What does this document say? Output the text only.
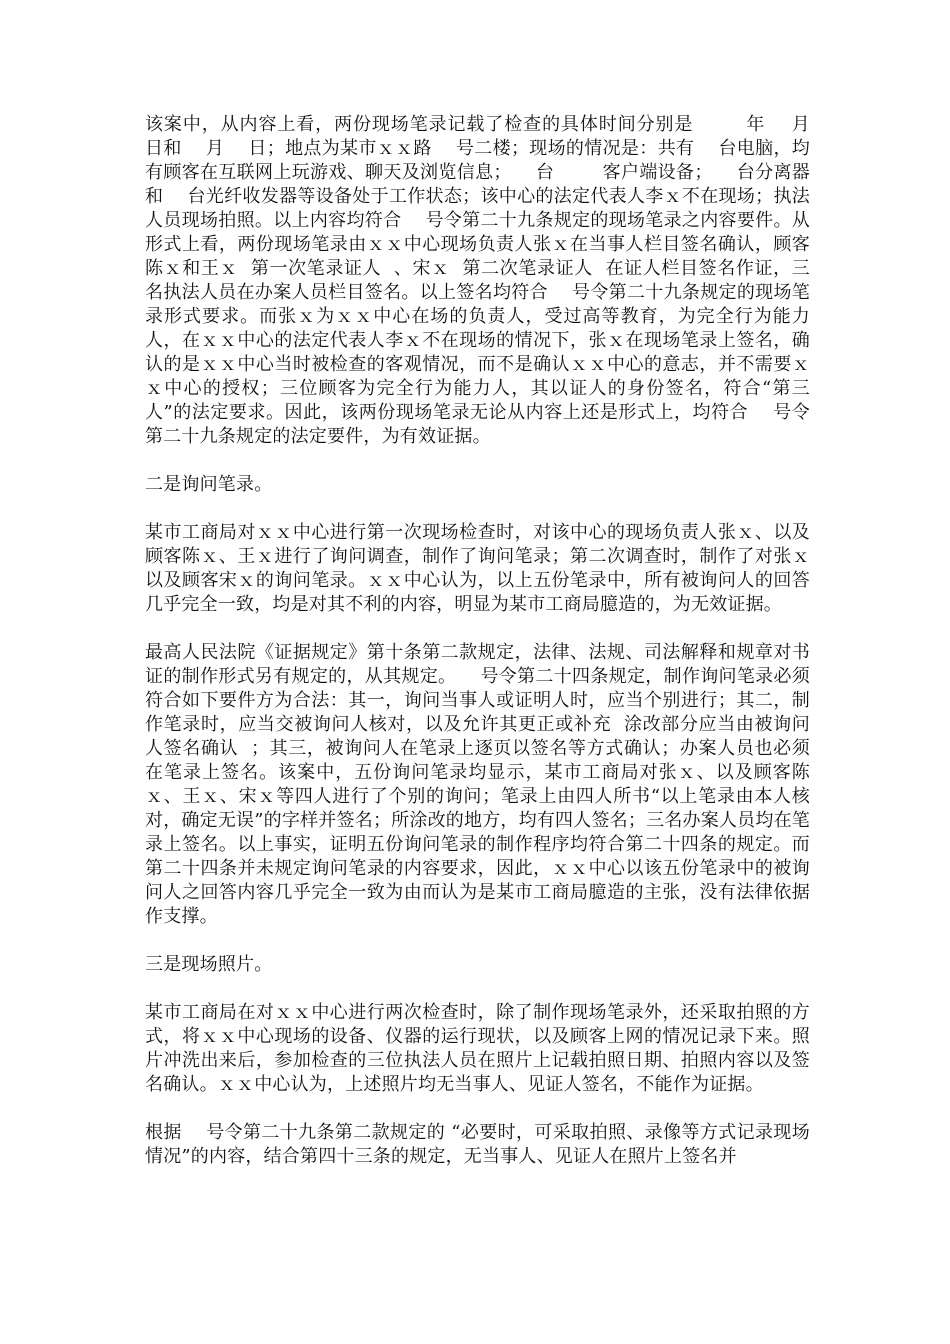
该案中，从内容上看，两份现场笔录记载了检查的具体时间分别是        年    月    日和    月    日；地点为某市ｘｘ路    号二楼；现场的情况是：共有    台电脑，均有顾客在互联网上玩游戏、聊天及浏览信息；    台        客户端设备；    台分离器和    台光纤收发器等设备处于工作状态；该中心的法定代表人李ｘ不在现场；执法人员现场拍照。以上内容均符合    号令第二十九条规定的现场笔录之内容要件。从形式上看，两份现场笔录由ｘｘ中心现场负责人张ｘ在当事人栏目签名确认，顾客陈ｘ和王ｘ  第一次笔录证人  、宋ｘ  第二次笔录证人  在证人栏目签名作证，三名执法人员在办案人员栏目签名。以上签名均符合    号令第二十九条规定的现场笔录形式要求。而张ｘ为ｘｘ中心在场的负责人，受过高等教育，为完全行为能力人，在ｘｘ中心的法定代表人李ｘ不在现场的情况下，张ｘ在现场笔录上签名，确认的是ｘｘ中心当时被检查的客观情况，而不是确认ｘｘ中心的意志，并不需要ｘｘ中心的授权；三位顾客为完全行为能力人，其以证人的身份签名，符合“第三人”的法定要求。因此，该两份现场笔录无论从内容上还是形式上，均符合    号令第二十九条规定的法定要件，为有效证据。

二是询问笔录。

某市工商局对ｘｘ中心进行第一次现场检查时，对该中心的现场负责人张ｘ、以及顾客陈ｘ、王ｘ进行了询问调查，制作了询问笔录；第二次调查时，制作了对张ｘ以及顾客宋ｘ的询问笔录。ｘｘ中心认为，以上五份笔录中，所有被询问人的回答几乎完全一致，均是对其不利的内容，明显为某市工商局臆造的，为无效证据。

最高人民法院《证据规定》第十条第二款规定，法律、法规、司法解释和规章对书证的制作形式另有规定的，从其规定。    号令第二十四条规定，制作询问笔录必须符合如下要件方为合法：其一，询问当事人或证明人时，应当个别进行；其二，制作笔录时，应当交被询问人核对，以及允许其更正或补充  涂改部分应当由被询问人签名确认  ；其三，被询问人在笔录上逐页以签名等方式确认；办案人员也必须在笔录上签名。该案中，五份询问笔录均显示，某市工商局对张ｘ、以及顾客陈ｘ、王ｘ、宋ｘ等四人进行了个别的询问；笔录上由四人所书“以上笔录由本人核对，确定无误”的字样并签名；所涂改的地方，均有四人签名；三名办案人员均在笔录上签名。以上事实，证明五份询问笔录的制作程序均符合第二十四条的规定。而第二十四条并未规定询问笔录的内容要求，因此，ｘｘ中心以该五份笔录中的被询问人之回答内容几乎完全一致为由而认为是某市工商局臆造的主张，没有法律依据作支撑。

三是现场照片。

某市工商局在对ｘｘ中心进行两次检查时，除了制作现场笔录外，还采取拍照的方式，将ｘｘ中心现场的设备、仪器的运行现状，以及顾客上网的情况记录下来。照片冲洗出来后，参加检查的三位执法人员在照片上记载拍照日期、拍照内容以及签名确认。ｘｘ中心认为，上述照片均无当事人、见证人签名，不能作为证据。

根据    号令第二十九条第二款规定的 “必要时，可采取拍照、录像等方式记录现场情况”的内容，结合第四十三条的规定，无当事人、见证人在照片上签名并
